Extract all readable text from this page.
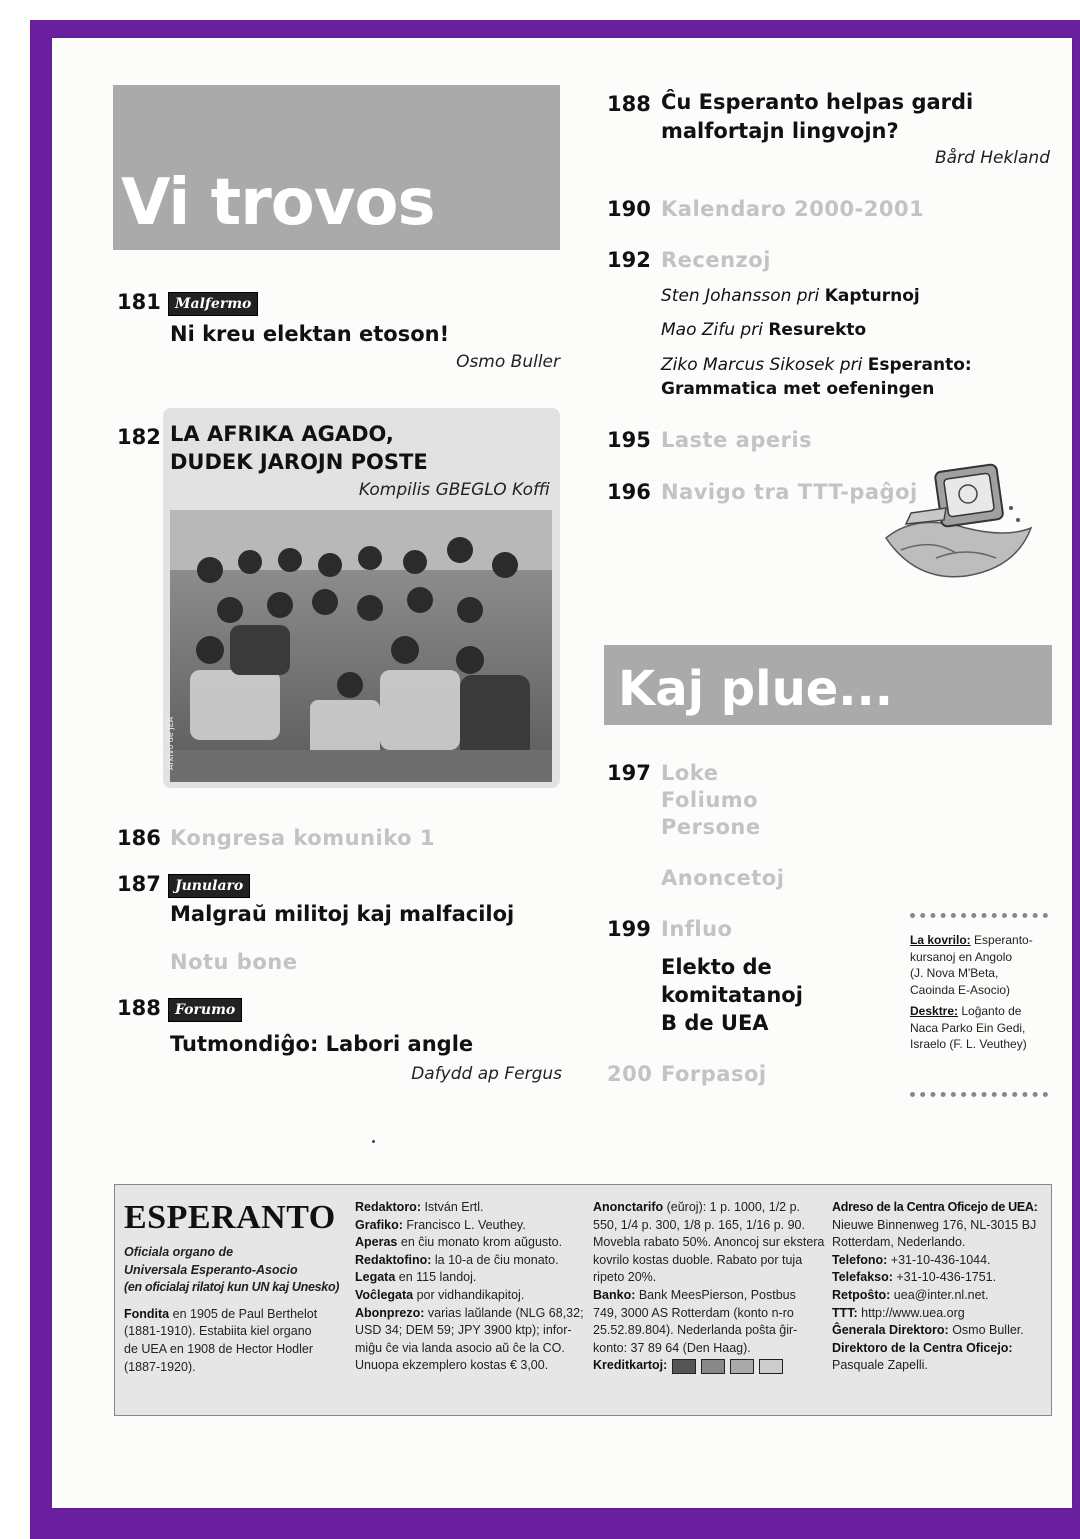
Vi trovos
181	Malfermo
Ni kreu elektan etoson!
Osmo Buller
182 LA AFRIKA AGADO,
DUDEK JAROJN POSTE
Kompilis GBEGLO Koffi
Arkivo de JEA
186 Kongresa komuniko 1
187	Junularo
Malgraŭ militoj kaj malfaciloj
Notu bone
188	Forumo
Tutmondiĝo: Labori angle
Dafydd ap Fergus
188 Ĉu Esperanto helpas gardi
malfortajn lingvojn?
Bård Hekland
190 Kalendaro 2000-2001
192 Recenzoj
Sten Johansson pri Kapturnoj
Mao Zifu pri Resurekto
Ziko Marcus Sikosek pri Esperanto:
Grammatica met oefeningen
195 Laste aperis
196 Navigo tra TTT-paĝoj
Kaj plue...
197 Loke
Foliumo
Persone
Anoncetoj
199 Influo
Elekto de
komitatanoj
B de UEA
200 Forpasoj
La kovrilo: Esperanto-
kursanoj en Angolo
(J. Nova M'Beta,
Caoinda E-Asocio)
Desktre: Loĝanto de
Naca Parko Ein Gedi,
Israelo (F. L. Veuthey)
ESPERANTO
Oficiala organo de
Universala Esperanto-Asocio
(en oficialaj rilatoj kun UN kaj Unesko)
Fondita en 1905 de Paul Berthelot
(1881-1910). Estabiita kiel organo
de UEA en 1908 de Hector Hodler
(1887-1920).
Redaktoro: István Ertl.
Grafiko: Francisco L. Veuthey.
Aperas en ĉiu monato krom aŭgusto.
Redaktofino: la 10-a de ĉiu monato.
Legata en 115 landoj.
Voĉlegata por vidhandikapitoj.
Abonprezo: varias laŭlande (NLG 68,32;
USD 34; DEM 59; JPY 3900 ktp); infor-
miĝu ĉe via landa asocio aŭ ĉe la CO.
Unuopa ekzemplero kostas € 3,00.
Anonctarifo (eŭroj): 1 p. 1000, 1/2 p.
550, 1/4 p. 300, 1/8 p. 165, 1/16 p. 90.
Movebla rabato 50%. Anoncoj sur ekstera
kovrilo kostas duoble. Rabato por tuja
ripeto 20%.
Banko: Bank MeesPierson, Postbus
749, 3000 AS Rotterdam (konto n-ro
25.52.89.804). Nederlanda poŝta ĝir-
konto: 37 89 64 (Den Haag).
Kreditkartoj:
Adreso de la Centra Oficejo de UEA:
Nieuwe Binnenweg 176, NL-3015 BJ
Rotterdam, Nederlando.
Telefono: +31-10-436-1044.
Telefakso: +31-10-436-1751.
Retpoŝto: uea@inter.nl.net.
TTT: http://www.uea.org
Ĝenerala Direktoro: Osmo Buller.
Direktoro de la Centra Oficejo:
Pasquale Zapelli.
